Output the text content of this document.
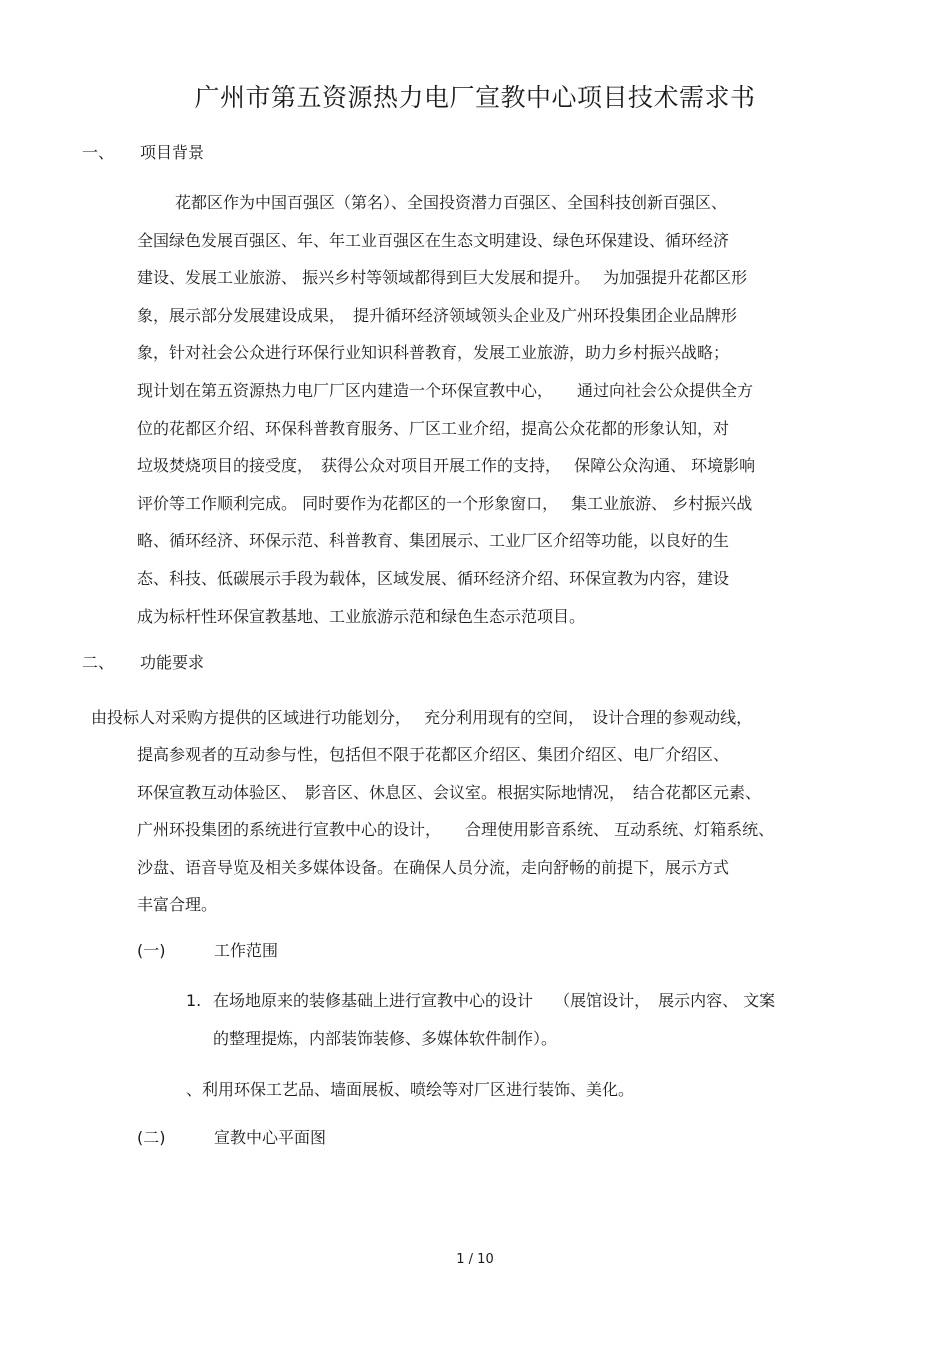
广州市第五资源热力电厂宣教中心项目技术需求书
一、 项目背景
花都区作为中国百强区（第名）、全国投资潜力百强区、全国科技创新百强区、
全国绿色发展百强区、年、年工业百强区在生态文明建设、绿色环保建设、循环经济
建设、发展工业旅游、 振兴乡村等领域都得到巨大发展和提升。　 为加强提升花都区形
象，展示部分发展建设成果，　提升循环经济领域领头企业及广州环投集团企业品牌形
象，针对社会公众进行环保行业知识科普教育，发展工业旅游，助力乡村振兴战略；
现计划在第五资源热力电厂厂区内建造一个环保宣教中心，　　通过向社会公众提供全方
位的花都区介绍、环保科普教育服务、厂区工业介绍，提高公众花都的形象认知，对
垃圾焚烧项目的接受度，　获得公众对项目开展工作的支持，　 保障公众沟通、 环境影响
评价等工作顺利完成。 同时要作为花都区的一个形象窗口，　 集工业旅游、 乡村振兴战
略、循环经济、环保示范、科普教育、集团展示、工业厂区介绍等功能，以良好的生
态、科技、低碳展示手段为载体，区域发展、循环经济介绍、环保宣教为内容，建设
成为标杆性环保宣教基地、工业旅游示范和绿色生态示范项目。
二、 功能要求
由投标人对采购方提供的区域进行功能划分，　 充分利用现有的空间，　设计合理的参观动线，
提高参观者的互动参与性，包括但不限于花都区介绍区、集团介绍区、电厂介绍区、
环保宣教互动体验区、　影音区、休息区、会议室。根据实际地情况，　结合花都区元素、
广州环投集团的系统进行宣教中心的设计，　　合理使用影音系统、 互动系统、灯箱系统、
沙盘、语音导览及相关多媒体设备。在确保人员分流，走向舒畅的前提下，展示方式
丰富合理。
(一)	工作范围
1. 在场地原来的装修基础上进行宣教中心的设计　 （展馆设计，　展示内容、 文案
的整理提炼，内部装饰装修、多媒体软件制作）。
、利用环保工艺品、墙面展板、喷绘等对厂区进行装饰、美化。
(二)	宣教中心平面图
1 / 10
